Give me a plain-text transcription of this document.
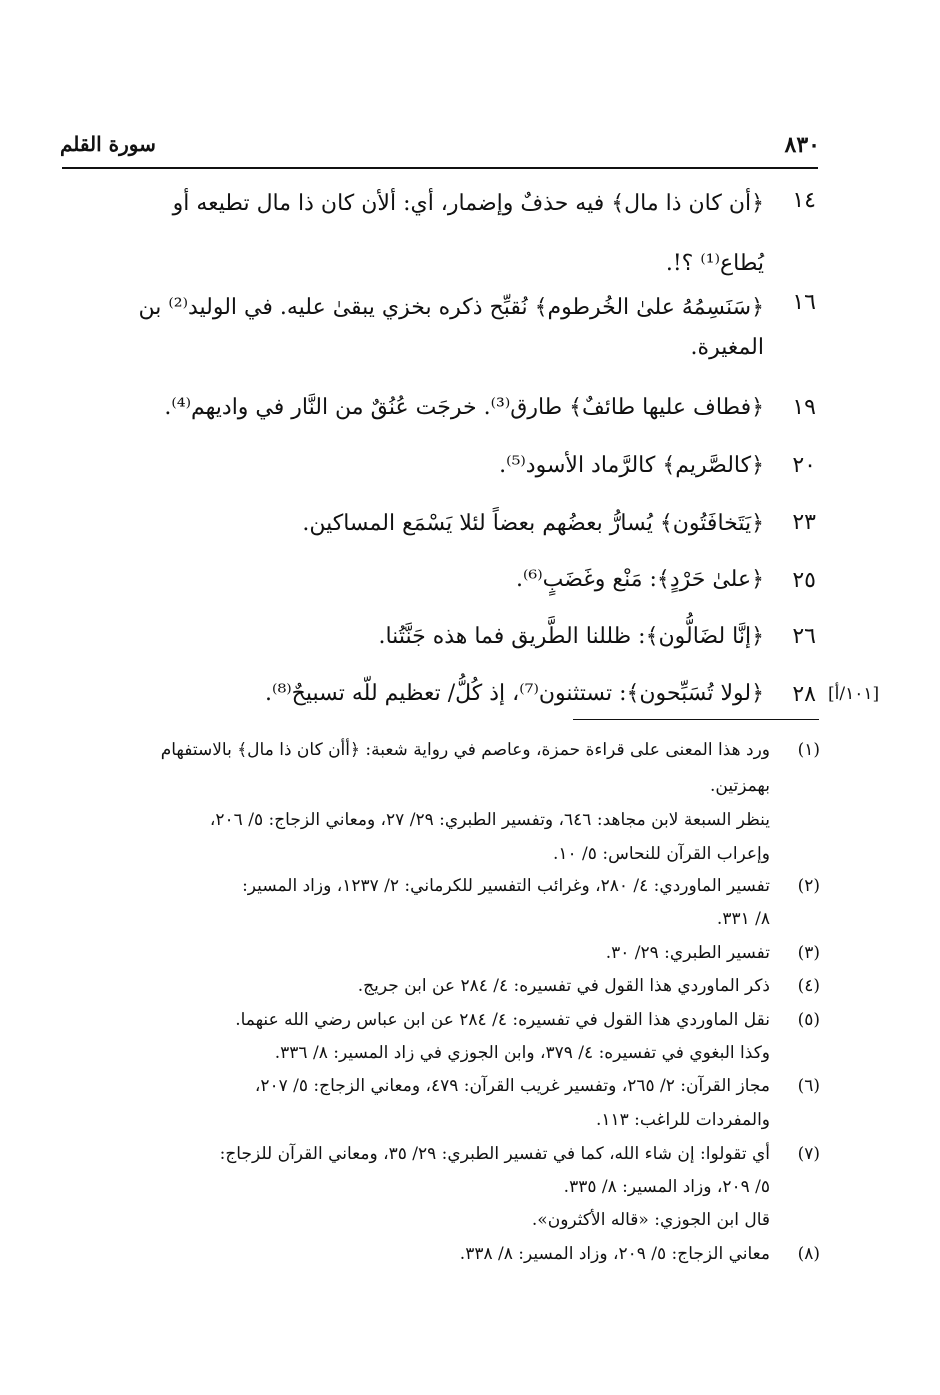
٨٣٠
سورة القلم
١٤
﴿أن كان ذا مال﴾ فيه حذفٌ وإضمار، أي: ألأن كان ذا مال تطيعه أو
يُطاع⁽¹⁾ ؟!.
١٦
﴿سَنَسِمُهُ علىٰ الخُرطوم﴾ نُقبِّح ذكره بخزي يبقىٰ عليه. في الوليد⁽²⁾ بن
المغيرة.
١٩
﴿فطاف عليها طائفٌ﴾ طارق⁽³⁾. خرجَت عُنُقٌ من النَّار في واديهم⁽⁴⁾.
٢٠
﴿كالصَّريم﴾ كالرَّماد الأسود⁽⁵⁾.
٢٣
﴿يَتَخافَتُون﴾ يُسارُّ بعضُهم بعضاً لئلا يَسْمَع المساكين.
٢٥
﴿علىٰ حَرْدٍ﴾: مَنْع وغَضَبٍ⁽⁶⁾.
٢٦
﴿إنَّا لضَالُّون﴾: ظللنا الطَّريق فما هذه جَنَّتُنا.
٢٨ [١٠١/أ]
﴿لولا تُسَبِّحون﴾: تستثنون⁽⁷⁾، إذ كُلُّ/ تعظيم للّه تسبيحٌ⁽⁸⁾.
(١)
ورد هذا المعنى على قراءة حمزة، وعاصم في رواية شعبة: ﴿أأن كان ذا مال﴾ بالاستفهام
بهمزتين.
ينظر السبعة لابن مجاهد: ٦٤٦، وتفسير الطبري: ٢٩/ ٢٧، ومعاني الزجاج: ٥/ ٢٠٦،
وإعراب القرآن للنحاس: ٥/ ١٠.
(٢)
تفسير الماوردي: ٤/ ٢٨٠، وغرائب التفسير للكرماني: ٢/ ١٢٣٧، وزاد المسير:
٨/ ٣٣١.
(٣)
تفسير الطبري: ٢٩/ ٣٠.
(٤)
ذكر الماوردي هذا القول في تفسيره: ٤/ ٢٨٤ عن ابن جريج.
(٥)
نقل الماوردي هذا القول في تفسيره: ٤/ ٢٨٤ عن ابن عباس رضي الله عنهما.
وكذا البغوي في تفسيره: ٤/ ٣٧٩، وابن الجوزي في زاد المسير: ٨/ ٣٣٦.
(٦)
مجاز القرآن: ٢/ ٢٦٥، وتفسير غريب القرآن: ٤٧٩، ومعاني الزجاج: ٥/ ٢٠٧،
والمفردات للراغب: ١١٣.
(٧)
أي تقولوا: إن شاء الله، كما في تفسير الطبري: ٢٩/ ٣٥، ومعاني القرآن للزجاج:
٥/ ٢٠٩، وزاد المسير: ٨/ ٣٣٥.
قال ابن الجوزي: «قاله الأكثرون».
(٨)
معاني الزجاج: ٥/ ٢٠٩، وزاد المسير: ٨/ ٣٣٨.
